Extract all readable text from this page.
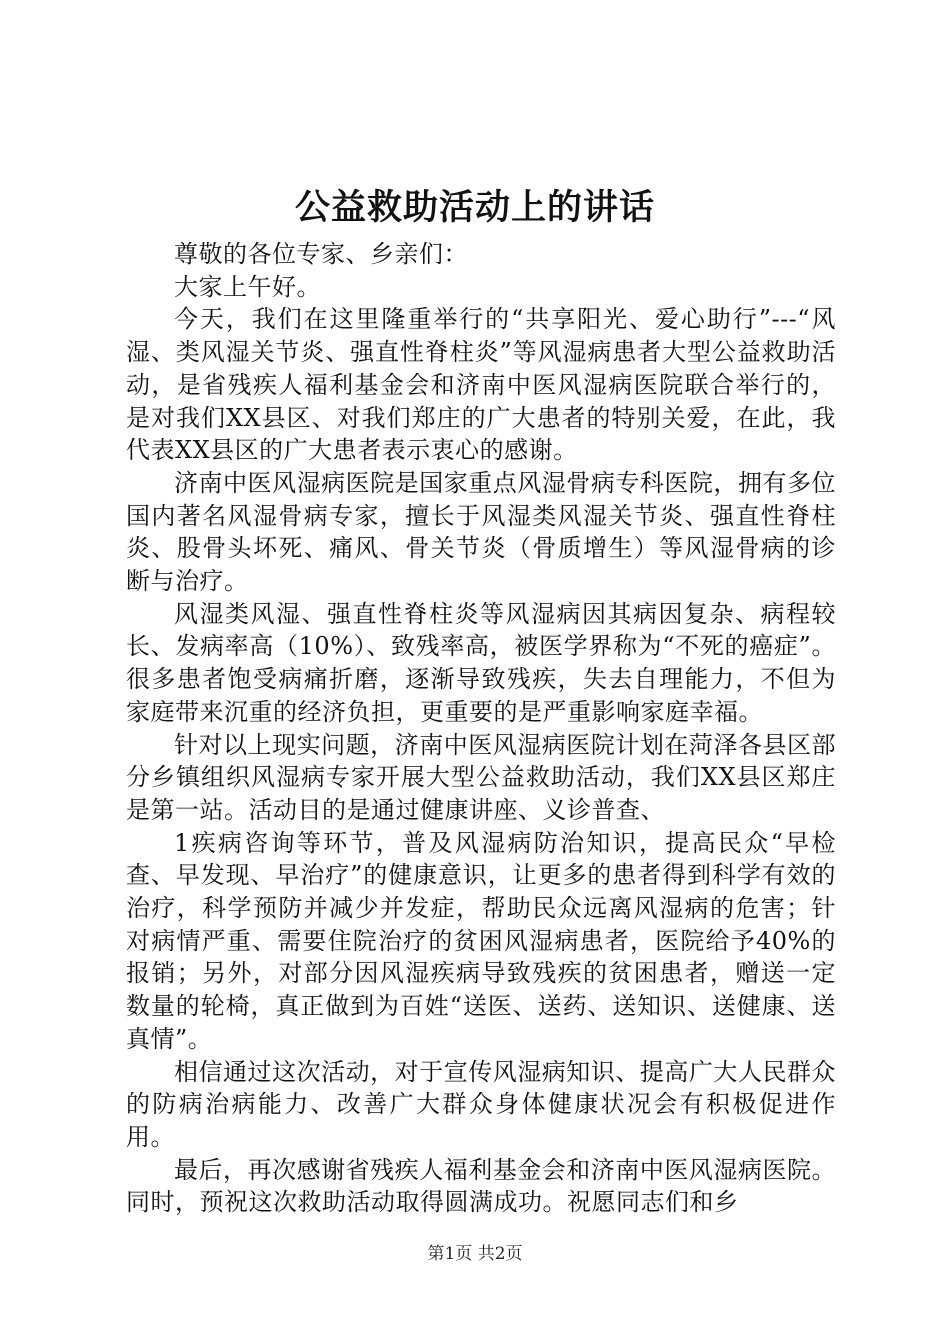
公益救助活动上的讲话

尊敬的各位专家、乡亲们：

大家上午好。

今天，我们在这里隆重举行的“共享阳光、爱心助行”---“风湿、类风湿关节炎、强直性脊柱炎”等风湿病患者大型公益救助活动，是省残疾人福利基金会和济南中医风湿病医院联合举行的，是对我们XX县区、对我们郑庄的广大患者的特别关爱，在此，我代表XX县区的广大患者表示衷心的感谢。

济南中医风湿病医院是国家重点风湿骨病专科医院，拥有多位国内著名风湿骨病专家，擅长于风湿类风湿关节炎、强直性脊柱炎、股骨头坏死、痛风、骨关节炎（骨质增生）等风湿骨病的诊断与治疗。

风湿类风湿、强直性脊柱炎等风湿病因其病因复杂、病程较长、发病率高（10%）、致残率高，被医学界称为“不死的癌症”。很多患者饱受病痛折磨，逐渐导致残疾，失去自理能力，不但为家庭带来沉重的经济负担，更重要的是严重影响家庭幸福。

针对以上现实问题，济南中医风湿病医院计划在菏泽各县区部分乡镇组织风湿病专家开展大型公益救助活动，我们XX县区郑庄是第一站。活动目的是通过健康讲座、义诊普查、

1疾病咨询等环节，普及风湿病防治知识，提高民众“早检查、早发现、早治疗”的健康意识，让更多的患者得到科学有效的治疗，科学预防并减少并发症，帮助民众远离风湿病的危害；针对病情严重、需要住院治疗的贫困风湿病患者，医院给予40%的报销；另外，对部分因风湿疾病导致残疾的贫困患者，赠送一定数量的轮椅，真正做到为百姓“送医、送药、送知识、送健康、送真情”。

相信通过这次活动，对于宣传风湿病知识、提高广大人民群众的防病治病能力、改善广大群众身体健康状况会有积极促进作用。

最后，再次感谢省残疾人福利基金会和济南中医风湿病医院。同时，预祝这次救助活动取得圆满成功。祝愿同志们和乡

第1页 共2页
